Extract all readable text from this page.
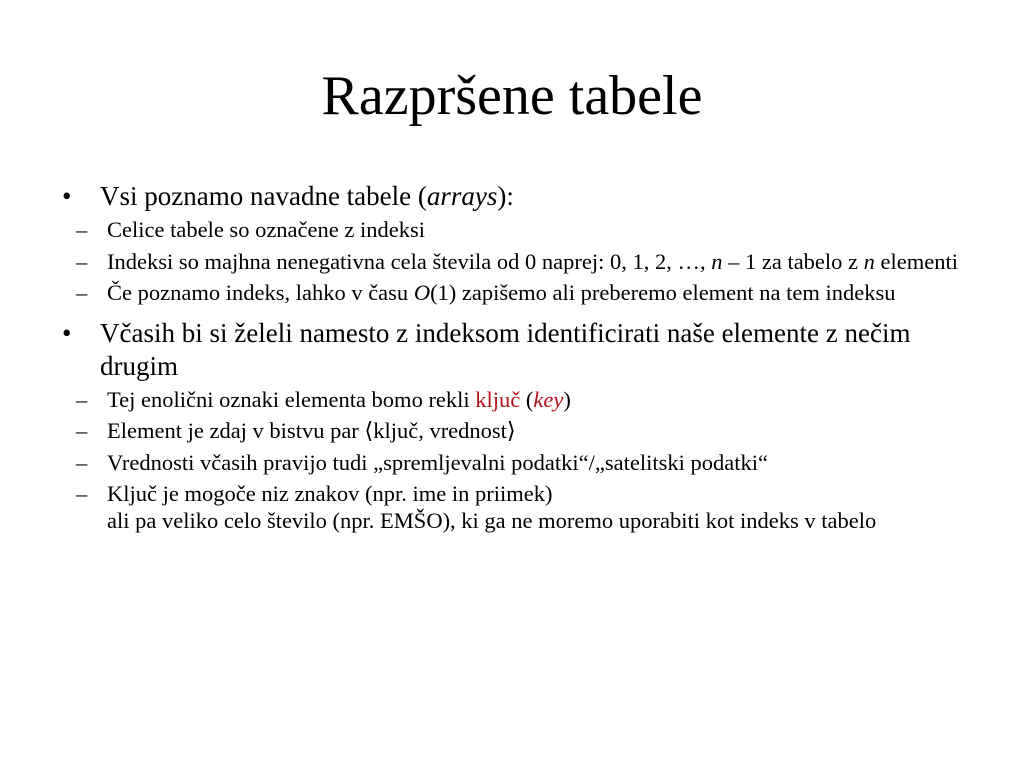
Razpršene tabele

• Vsi poznamo navadne tabele (arrays):

– Celice tabele so označene z indeksi

– Indeksi so majhna nenegativna cela števila od 0 naprej: 0, 1, 2, …, n – 1 za tabelo z n elementi

– Če poznamo indeks, lahko v času O(1) zapišemo ali preberemo element na tem indeksu

• Včasih bi si želeli namesto z indeksom identificirati naše elemente z nečim drugim

– Tej enolični oznaki elementa bomo rekli ključ (key)

– Element je zdaj v bistvu par ⟨ključ, vrednost⟩

– Vrednosti včasih pravijo tudi „spremljevalni podatki“/„satelitski podatki“

– Ključ je mogoče niz znakov (npr. ime in priimek)
ali pa veliko celo število (npr. EMŠO), ki ga ne moremo uporabiti kot indeks v tabelo
